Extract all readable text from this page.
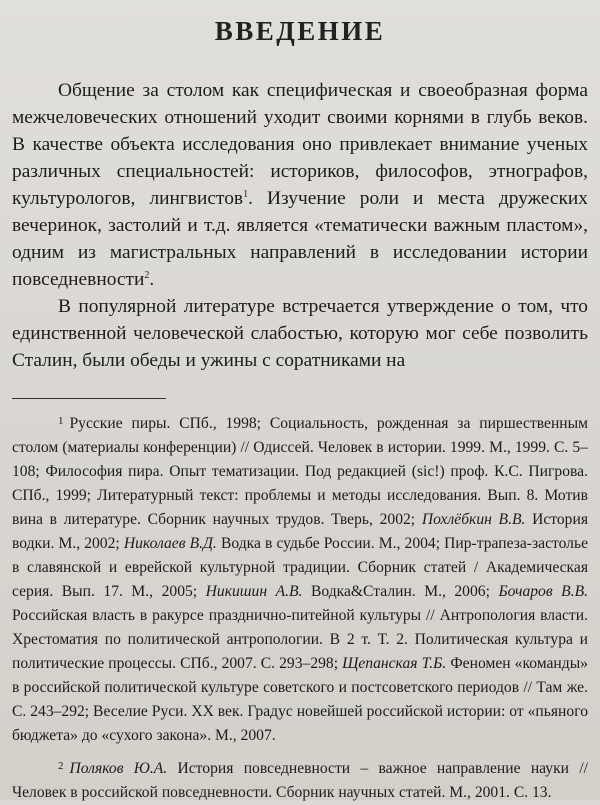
ВВЕДЕНИЕ

Общение за столом как специфическая и своеобразная форма межчеловеческих отношений уходит своими корнями в глубь веков. В качестве объекта исследования оно привлекает внимание ученых различных специальностей: историков, философов, этнографов, культурологов, лингвистов$^1$. Изучение роли и места дружеских вечеринок, застолий и т.д. является «тематически важным пластом», одним из магистральных направлений в исследовании истории повседневности$^2$.

В популярной литературе встречается утверждение о том, что единственной человеческой слабостью, которую мог себе позволить Сталин, были обеды и ужины с соратниками на

$^1$ Русские пиры. СПб., 1998; Социальность, рожденная за пиршественным столом (материалы конференции) // Одиссей. Человек в истории. 1999. М., 1999. С. 5–108; Философия пира. Опыт тематизации. Под редакцией (sic!) проф. К.С. Пигрова. СПб., 1999; Литературный текст: проблемы и методы исследования. Вып. 8. Мотив вина в литературе. Сборник научных трудов. Тверь, 2002; Похлёбкин В.В. История водки. М., 2002; Николаев В.Д. Водка в судьбе России. М., 2004; Пир-трапеза-застолье в славянской и еврейской культурной традиции. Сборник статей / Академическая серия. Вып. 17. М., 2005; Никишин А.В. Водка&Сталин. М., 2006; Бочаров В.В. Российская власть в ракурсе празднично-питейной культуры // Антропология власти. Хрестоматия по политической антропологии. В 2 т. Т. 2. Политическая культура и политические процессы. СПб., 2007. С. 293–298; Щепанская Т.Б. Феномен «команды» в российской политической культуре советского и постсоветского периодов // Там же. С. 243–292; Веселие Руси. XX век. Градус новейшей российской истории: от «пьяного бюджета» до «сухого закона». М., 2007.

$^2$ Поляков Ю.А. История повседневности – важное направление науки // Человек в российской повседневности. Сборник научных статей. М., 2001. С. 13.
